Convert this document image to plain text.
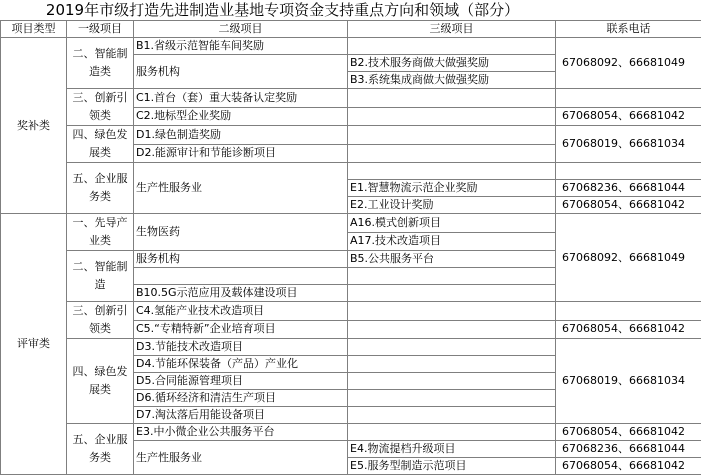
2019年市级打造先进制造业基地专项资金支持重点方向和领域（部分）
项目类型	一级项目	二级项目	三级项目	联系电话
奖补类	二、智能制造类	B1.省级示范智能车间奖励		67068092、66681049
		服务机构	B2.技术服务商做大做强奖励	
			B3.系统集成商做大做强奖励	
	三、创新引领类	C1.首台（套）重大装备认定奖励		
		C2.地标型企业奖励		67068054、66681042
	四、绿色发展类	D1.绿色制造奖励		67068019、66681034
		D2.能源审计和节能诊断项目		
	五、企业服务类	生产性服务业		
			E1.智慧物流示范企业奖励	67068236、66681044
			E2.工业设计奖励	67068054、66681042
评审类	一、先导产业类	生物医药	A16.模式创新项目	67068092、66681049
			A17.技术改造项目	
	二、智能制造	服务机构	B5.公共服务平台	

		B10.5G示范应用及载体建设项目		
	三、创新引领类	C4.氢能产业技术改造项目		
		C5.“专精特新”企业培育项目		67068054、66681042
	四、绿色发展类	D3.节能技术改造项目		67068019、66681034
		D4.节能环保装备（产品）产业化		
		D5.合同能源管理项目		
		D6.循环经济和清洁生产项目		
		D7.淘汰落后用能设备项目		
	五、企业服务类	E3.中小微企业公共服务平台		67068054、66681042
		生产性服务业	E4.物流提档升级项目	67068236、66681044
			E5.服务型制造示范项目	67068054、66681042
